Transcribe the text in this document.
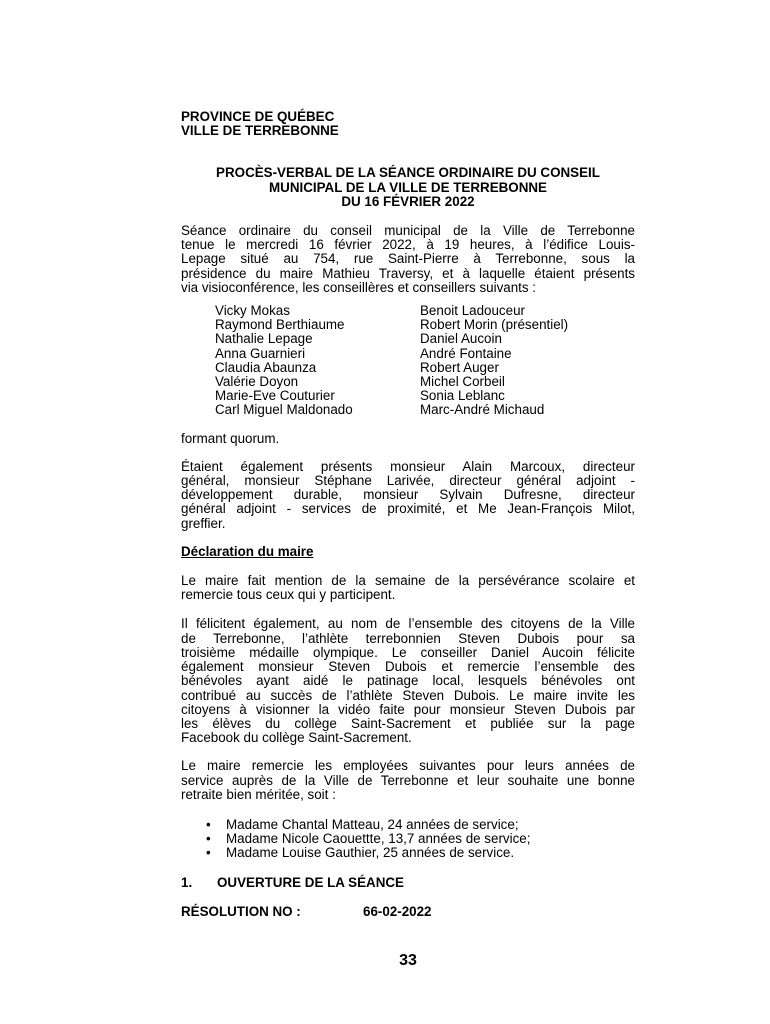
PROVINCE DE QUÉBEC
VILLE DE TERREBONNE
PROCÈS-VERBAL DE LA SÉANCE ORDINAIRE DU CONSEIL
MUNICIPAL DE LA VILLE DE TERREBONNE
DU 16 FÉVRIER 2022
Séance ordinaire du conseil municipal de la Ville de Terrebonne
tenue le mercredi 16 février 2022, à 19 heures, à l’édifice Louis-
Lepage situé au 754, rue Saint-Pierre à Terrebonne, sous la
présidence du maire Mathieu Traversy, et à laquelle étaient présents
via visioconférence, les conseillères et conseillers suivants :
Vicky Mokas
Raymond Berthiaume
Nathalie Lepage
Anna Guarnieri
Claudia Abaunza
Valérie Doyon
Marie-Eve Couturier
Carl Miguel Maldonado
Benoit Ladouceur
Robert Morin (présentiel)
Daniel Aucoin
André Fontaine
Robert Auger
Michel Corbeil
Sonia Leblanc
Marc-André Michaud
formant quorum.
Étaient également présents monsieur Alain Marcoux, directeur
général, monsieur Stéphane Larivée, directeur général adjoint -
développement durable, monsieur Sylvain Dufresne, directeur
général adjoint - services de proximité, et Me Jean-François Milot,
greffier.
Déclaration du maire
Le maire fait mention de la semaine de la persévérance scolaire et
remercie tous ceux qui y participent.
Il félicitent également, au nom de l’ensemble des citoyens de la Ville
de Terrebonne, l’athlète terrebonnien Steven Dubois pour sa
troisième médaille olympique. Le conseiller Daniel Aucoin félicite
également monsieur Steven Dubois et remercie l’ensemble des
bénévoles ayant aidé le patinage local, lesquels bénévoles ont
contribué au succès de l’athlète Steven Dubois. Le maire invite les
citoyens à visionner la vidéo faite pour monsieur Steven Dubois par
les élèves du collège Saint-Sacrement et publiée sur la page
Facebook du collège Saint-Sacrement.
Le maire remercie les employées suivantes pour leurs années de
service auprès de la Ville de Terrebonne et leur souhaite une bonne
retraite bien méritée, soit :
• Madame Chantal Matteau, 24 années de service;
• Madame Nicole Caouettte, 13,7 années de service;
• Madame Louise Gauthier, 25 années de service.
1.	OUVERTURE DE LA SÉANCE
RÉSOLUTION NO :	66-02-2022
33
